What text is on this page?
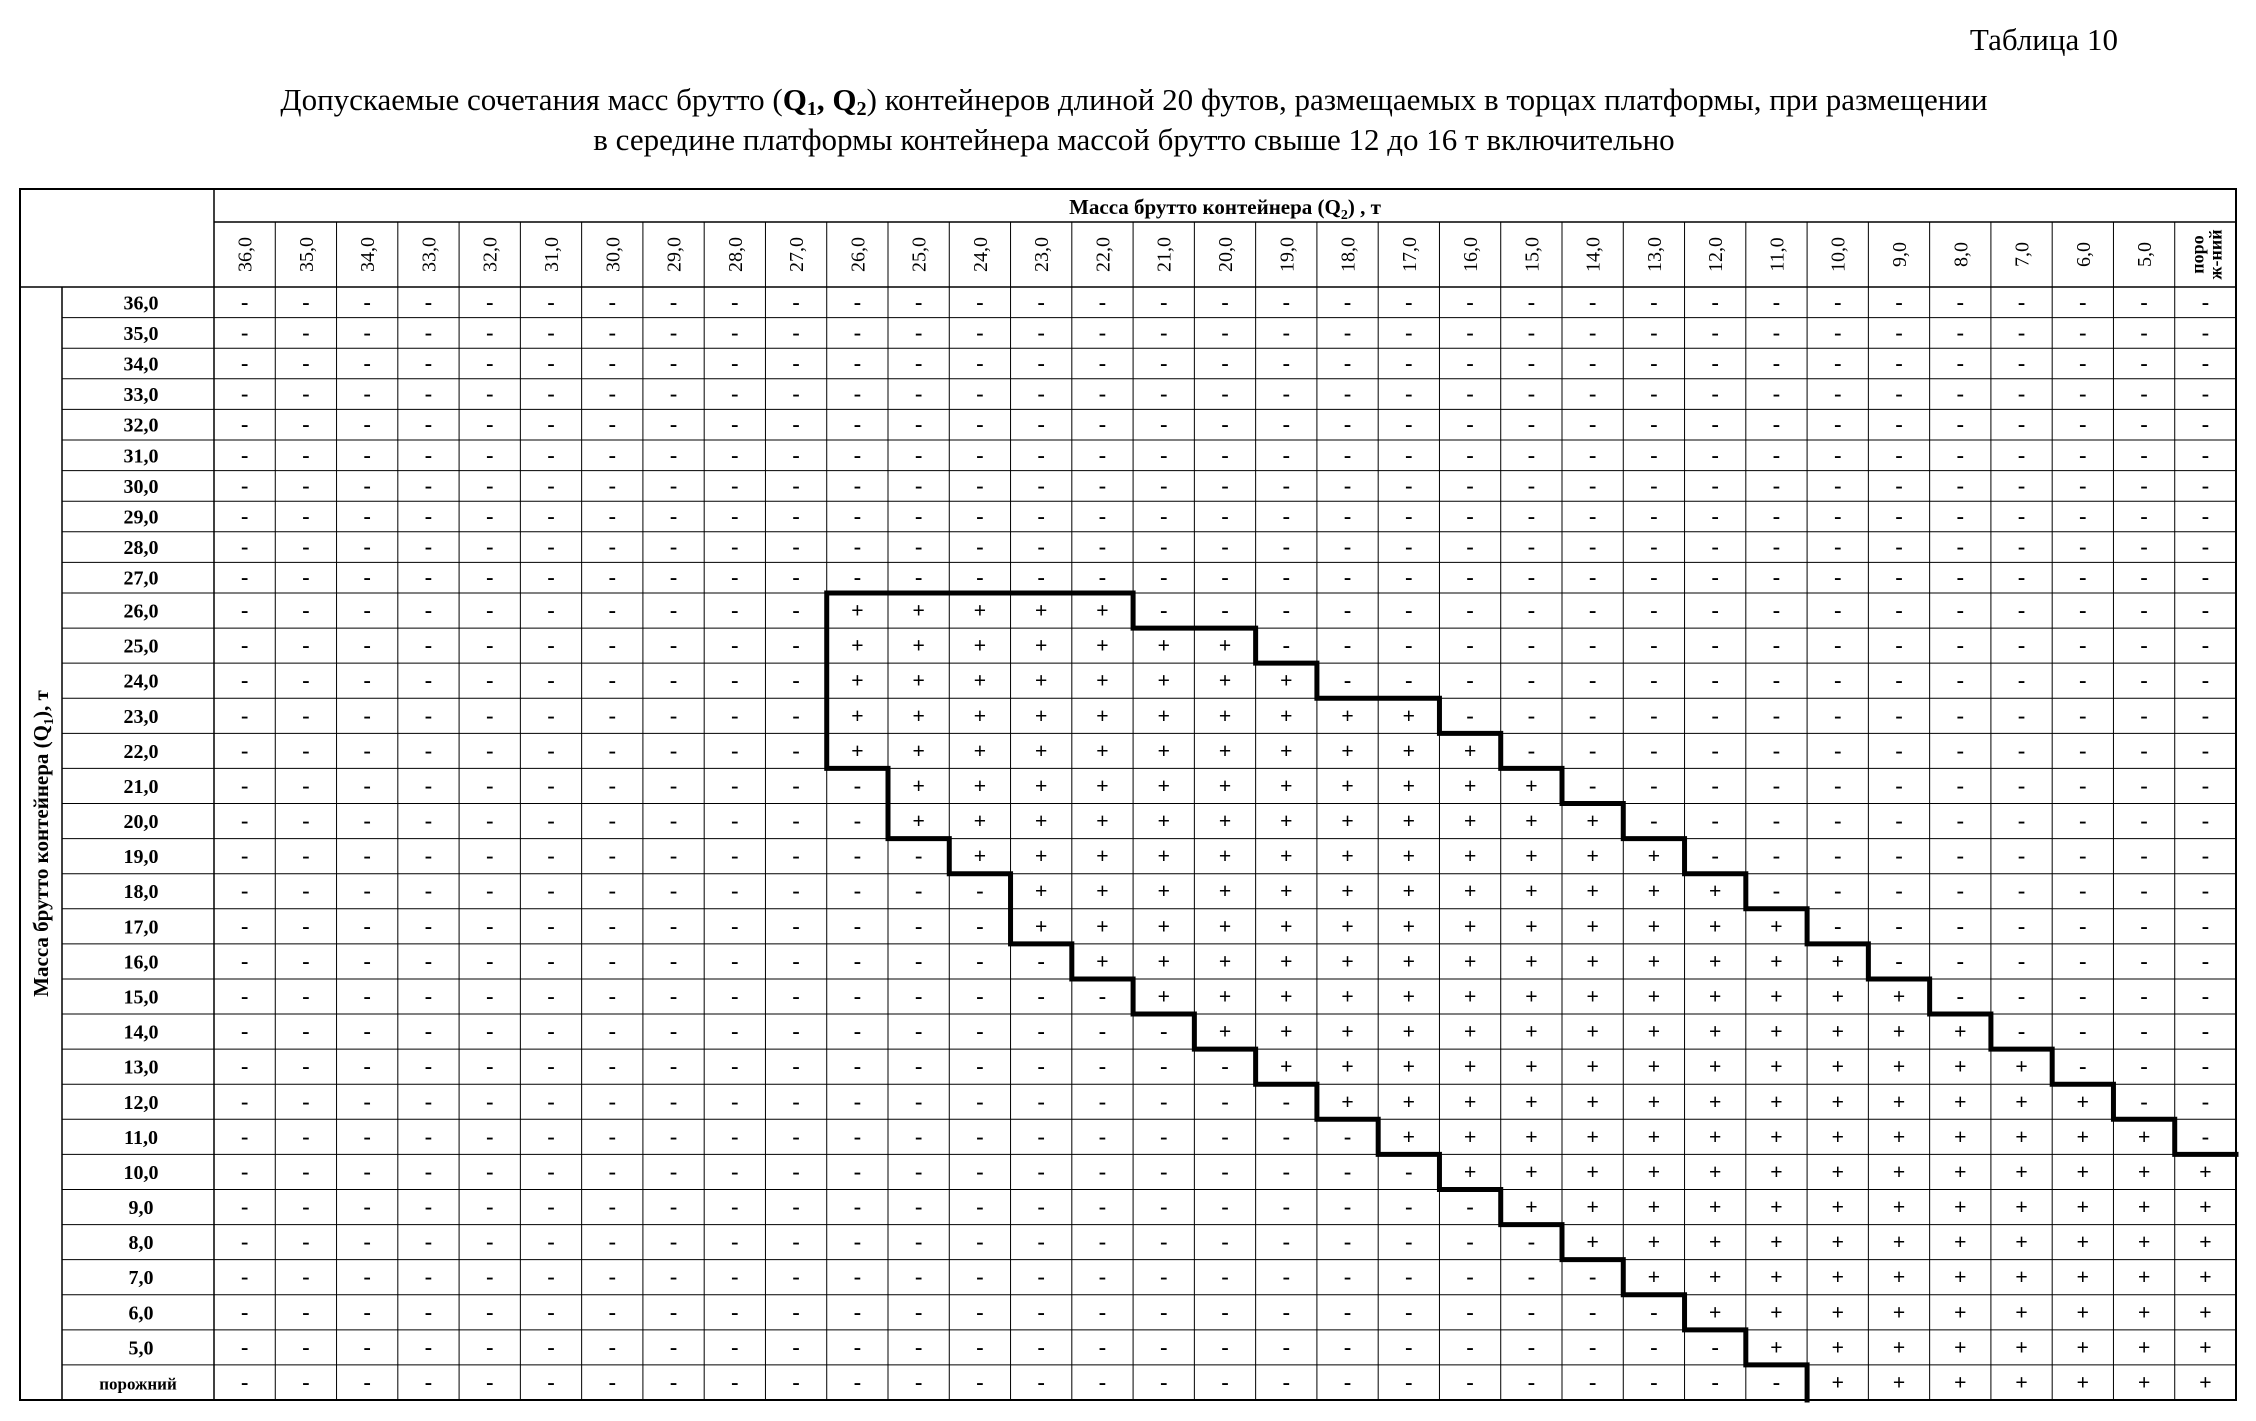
Таблица 10
Допускаемые сочетания масс брутто ($Q_1$, $Q_2$) контейнеров длиной 20 футов, размещаемых в торцах платформы, при размещении
в середине платформы контейнера массой брутто свыше 12 до 16 т включительно
Масса брутто контейнера $(Q_2)$ , т
36,0 35,0 34,0 33,0 32,0 31,0 30,0 29,0 28,0 27,0 26,0 25,0 24,0 23,0 22,0 21,0 20,0 19,0 18,0 17,0 16,0 15,0 14,0 13,0 12,0 11,0 10,0 9,0 8,0 7,0 6,0 5,0 поро
ж-ний
Масса брутто контейнера $(Q_1)$, т
36,0
35,0
34,0
33,0
32,0
31,0
30,0
29,0
28,0
27,0
26,0
25,0
24,0
23,0
22,0
21,0
20,0
19,0
18,0
17,0
16,0
15,0
14,0
13,0
12,0
11,0
10,0
9,0
8,0
7,0
6,0
5,0
порожний
- - - - - - - - - - - - - - - - - - - - - - - - - - - - - - - - -
- - - - - - - - - - - - - - - - - - - - - - - - - - - - - - - - -
- - - - - - - - - - - - - - - - - - - - - - - - - - - - - - - - -
- - - - - - - - - - - - - - - - - - - - - - - - - - - - - - - - -
- - - - - - - - - - - - - - - - - - - - - - - - - - - - - - - - -
- - - - - - - - - - - - - - - - - - - - - - - - - - - - - - - - -
- - - - - - - - - - - - - - - - - - - - - - - - - - - - - - - - -
- - - - - - - - - - - - - - - - - - - - - - - - - - - - - - - - -
- - - - - - - - - - - - - - - - - - - - - - - - - - - - - - - - -
- - - - - - - - - - - - - - - - - - - - - - - - - - - - - - - - -
- - - - - - - - - - + + + + + - - - - - - - - - - - - - - - - - -
- - - - - - - - - - + + + + + + + - - - - - - - - - - - - - - - -
- - - - - - - - - - + + + + + + + + - - - - - - - - - - - - - - -
- - - - - - - - - - + + + + + + + + + + - - - - - - - - - - - - -
- - - - - - - - - - + + + + + + + + + + + - - - - - - - - - - - -
- - - - - - - - - - - + + + + + + + + + + + - - - - - - - - - - -
- - - - - - - - - - - + + + + + + + + + + + + - - - - - - - - - -
- - - - - - - - - - - - + + + + + + + + + + + + - - - - - - - - -
- - - - - - - - - - - - - + + + + + + + + + + + + - - - - - - - -
- - - - - - - - - - - - - + + + + + + + + + + + + + - - - - - - -
- - - - - - - - - - - - - - + + + + + + + + + + + + + - - - - - -
- - - - - - - - - - - - - - - + + + + + + + + + + + + + - - - - -
- - - - - - - - - - - - - - - - + + + + + + + + + + + + + - - - -
- - - - - - - - - - - - - - - - - + + + + + + + + + + + + + - - -
- - - - - - - - - - - - - - - - - - + + + + + + + + + + + + + - -
- - - - - - - - - - - - - - - - - - - + + + + + + + + + + + + + -
- - - - - - - - - - - - - - - - - - - - + + + + + + + + + + + + +
- - - - - - - - - - - - - - - - - - - - - + + + + + + + + + + + +
- - - - - - - - - - - - - - - - - - - - - - + + + + + + + + + + +
- - - - - - - - - - - - - - - - - - - - - - - + + + + + + + + + +
- - - - - - - - - - - - - - - - - - - - - - - - + + + + + + + + +
- - - - - - - - - - - - - - - - - - - - - - - - - + + + + + + + +
- - - - - - - - - - - - - - - - - - - - - - - - - - + + + + + + +
